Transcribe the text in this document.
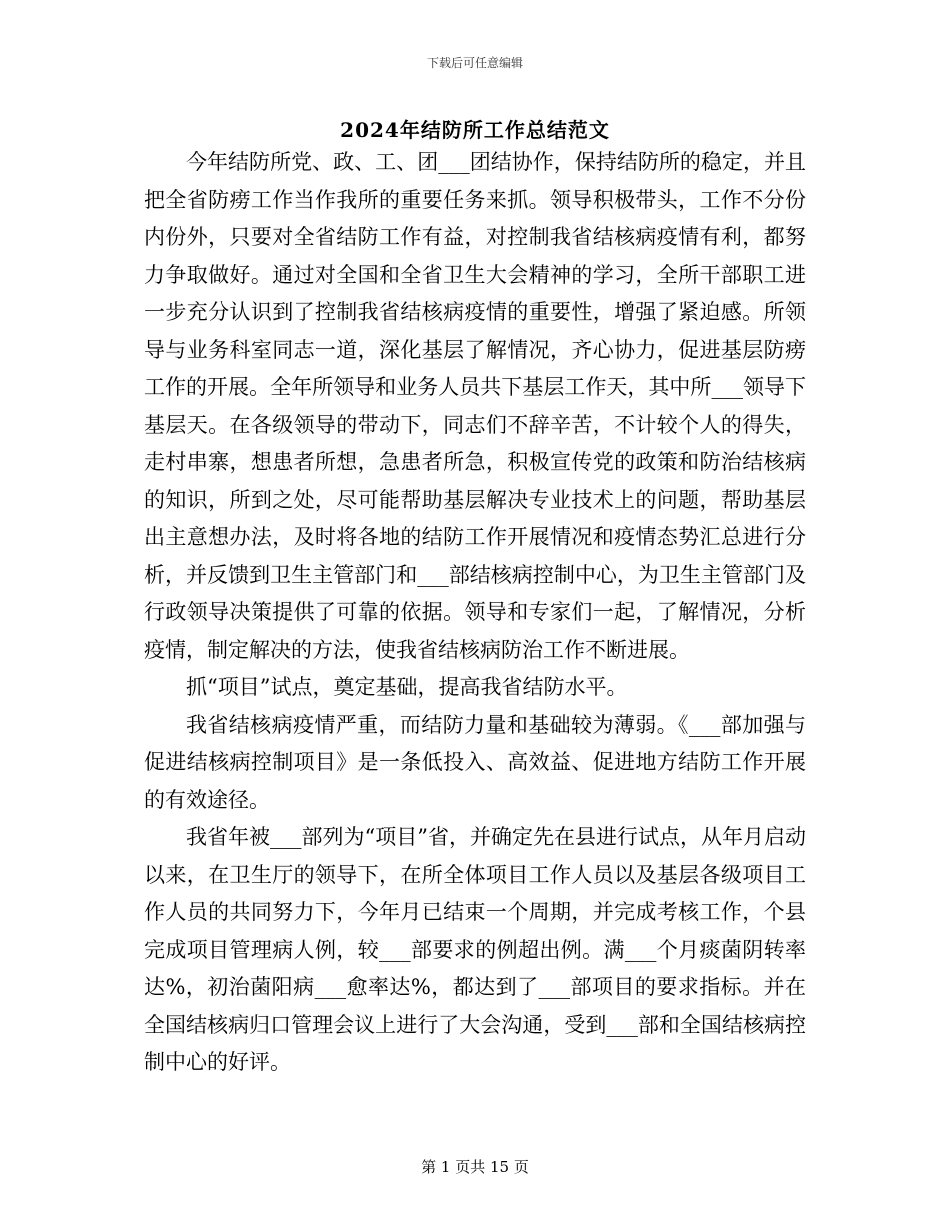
下载后可任意编辑
2024年结防所工作总结范文

今年结防所党、政、工、团___团结协作，保持结防所的稳定，并且把全省防痨工作当作我所的重要任务来抓。领导积极带头，工作不分份内份外，只要对全省结防工作有益，对控制我省结核病疫情有利，都努力争取做好。通过对全国和全省卫生大会精神的学习，全所干部职工进一步充分认识到了控制我省结核病疫情的重要性，增强了紧迫感。所领导与业务科室同志一道，深化基层了解情况，齐心协力，促进基层防痨工作的开展。全年所领导和业务人员共下基层工作天，其中所___领导下基层天。在各级领导的带动下，同志们不辞辛苦，不计较个人的得失，走村串寨，想患者所想，急患者所急，积极宣传党的政策和防治结核病的知识，所到之处，尽可能帮助基层解决专业技术上的问题，帮助基层出主意想办法，及时将各地的结防工作开展情况和疫情态势汇总进行分析，并反馈到卫生主管部门和___部结核病控制中心，为卫生主管部门及行政领导决策提供了可靠的依据。领导和专家们一起，了解情况，分析疫情，制定解决的方法，使我省结核病防治工作不断进展。

抓“项目”试点，奠定基础，提高我省结防水平。

我省结核病疫情严重，而结防力量和基础较为薄弱。《___部加强与促进结核病控制项目》是一条低投入、高效益、促进地方结防工作开展的有效途径。

我省年被___部列为“项目”省，并确定先在县进行试点，从年月启动以来，在卫生厅的领导下，在所全体项目工作人员以及基层各级项目工作人员的共同努力下，今年月已结束一个周期，并完成考核工作，个县完成项目管理病人例，较___部要求的例超出例。满___个月痰菌阴转率达%，初治菌阳病___愈率达%，都达到了___部项目的要求指标。并在全国结核病归口管理会议上进行了大会沟通，受到___部和全国结核病控制中心的好评。

第 1 页共 15 页
